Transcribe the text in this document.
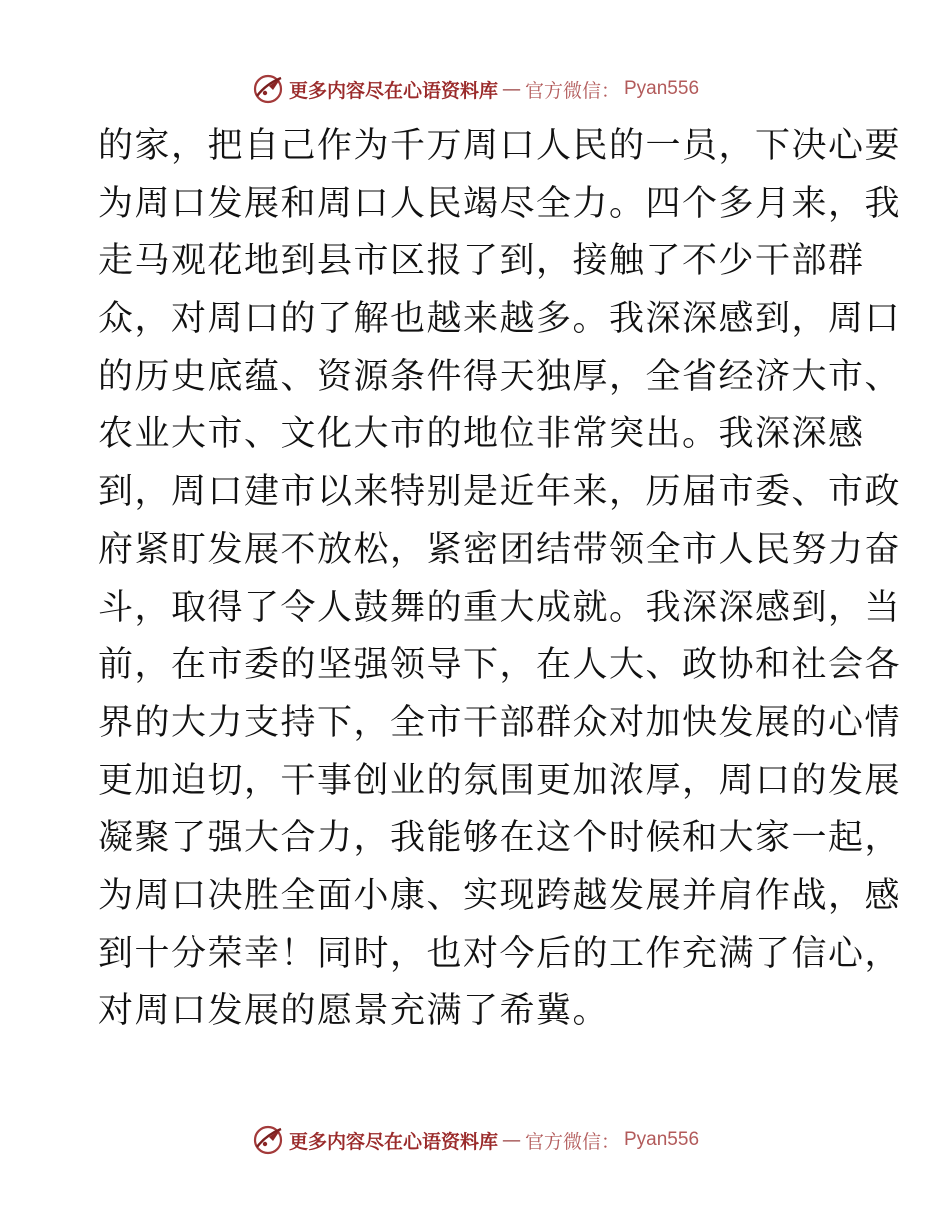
更多内容尽在心语资料库 — 官方微信： Pyan556
的家，把自己作为千万周口人民的一员，下决心要
为周口发展和周口人民竭尽全力。四个多月来，我
走马观花地到县市区报了到，接触了不少干部群
众，对周口的了解也越来越多。我深深感到，周口
的历史底蕴、资源条件得天独厚，全省经济大市、
农业大市、文化大市的地位非常突出。我深深感
到，周口建市以来特别是近年来，历届市委、市政
府紧盯发展不放松，紧密团结带领全市人民努力奋
斗，取得了令人鼓舞的重大成就。我深深感到，当
前，在市委的坚强领导下，在人大、政协和社会各
界的大力支持下，全市干部群众对加快发展的心情
更加迫切，干事创业的氛围更加浓厚，周口的发展
凝聚了强大合力，我能够在这个时候和大家一起，
为周口决胜全面小康、实现跨越发展并肩作战，感
到十分荣幸！同时，也对今后的工作充满了信心，
对周口发展的愿景充满了希冀。
更多内容尽在心语资料库 — 官方微信： Pyan556
